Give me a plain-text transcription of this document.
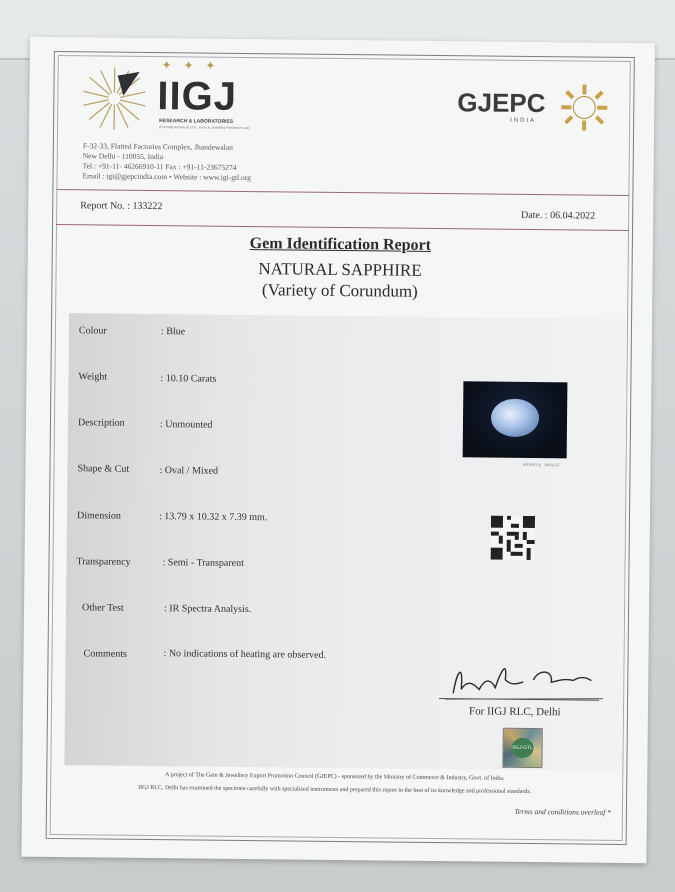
✦ ✦ ✦
IIGJ
RESEARCH & LABORATORIES
(Formally known as GTL, Gem & Jewellery Research Lab)
F-32-33, Flatted Factories Complex, Jhandewalan
New Delhi - 110055, India
Tel.: +91-11- 46266910-11 Fax : +91-11-23675274
Email : igi@gjepcindia.com • Website : www.igi-gtl.org
GJEPC
INDIA
Report No. : 133222
Date. : 06.04.2022
Gem Identification Report
NATURAL SAPPHIRE
(Variety of Corundum)
Colour	: Blue
Weight	: 10.10 Carats
Description	: Unmounted
Shape & Cut	: Oval / Mixed
Dimension	: 13.79 x 10.32 x 7.39 mm.
Transparency	: Semi - Transparent
Other Test	: IR Spectra Analysis.
Comments	: No indications of heating are observed.
APPROX. IMAGE
For IIGJ RLC, Delhi
IIGJ-GTL
A project of The Gem & Jewellery Export Promotion Council (GJEPC) - sponsored by the Ministry of Commerce & Industry, Govt. of India.
IIGJ RLC, Delhi has examined the specimen carefully with specialized instruments and prepared this report to the best of its knowledge and professional standards.
Terms and conditions overleaf *
